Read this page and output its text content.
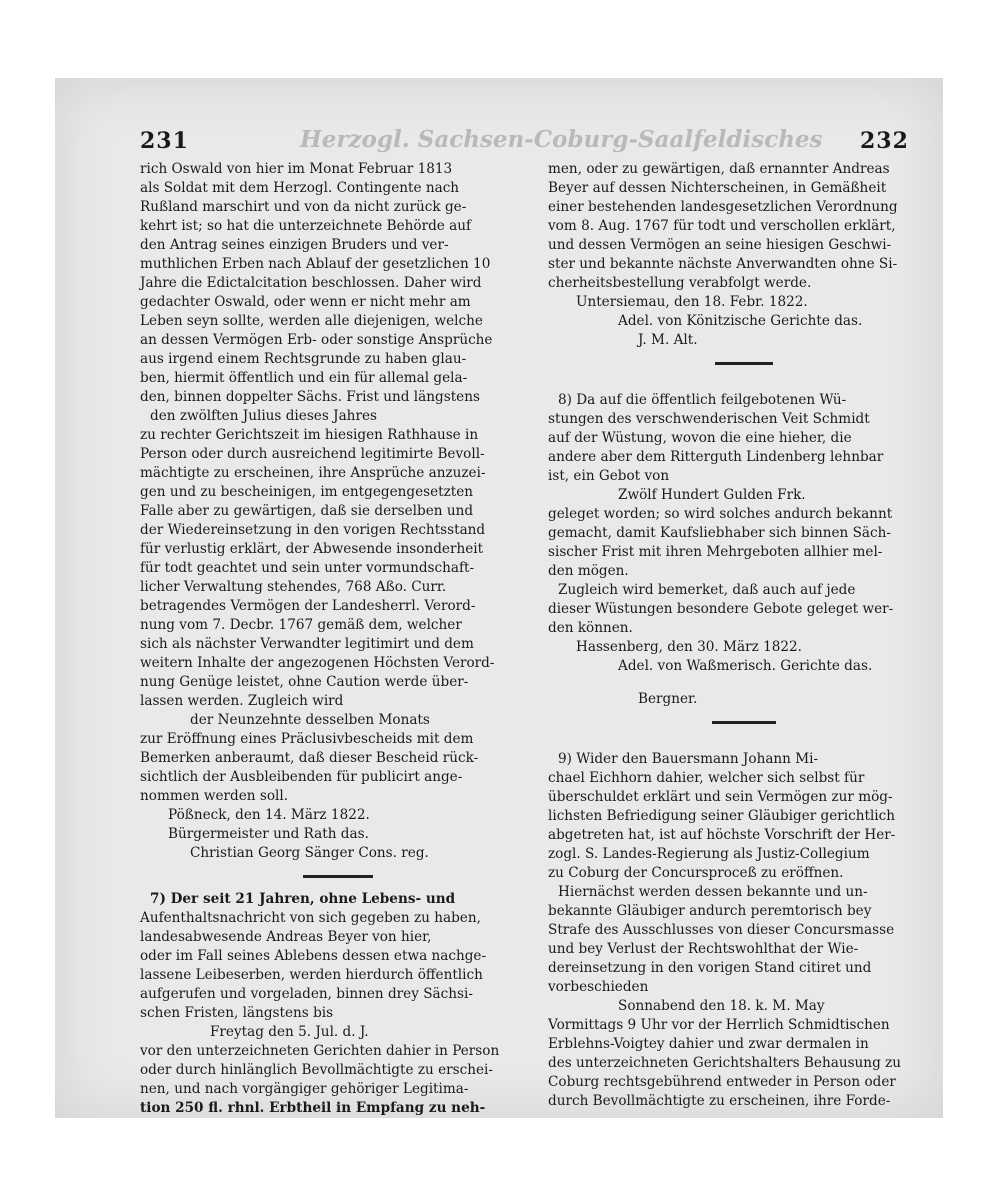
231	Herzogl. Sachsen-Coburg-Saalfeldisches 232

rich Oswald von hier im Monat Februar 1813

als Soldat mit dem Herzogl. Contingente nach

Rußland marschirt und von da nicht zurück ge-

kehrt ist; so hat die unterzeichnete Behörde auf

den Antrag seines einzigen Bruders und ver-

muthlichen Erben nach Ablauf der gesetzlichen 10

Jahre die Edictalcitation beschlossen. Daher wird

gedachter Oswald, oder wenn er nicht mehr am

Leben seyn sollte, werden alle diejenigen, welche

an dessen Vermögen Erb- oder sonstige Ansprüche

aus irgend einem Rechtsgrunde zu haben glau-

ben, hiermit öffentlich und ein für allemal gela-

den, binnen doppelter Sächs. Frist und längstens

den zwölften Julius dieses Jahres

zu rechter Gerichtszeit im hiesigen Rathhause in

Person oder durch ausreichend legitimirte Bevoll-

mächtigte zu erscheinen, ihre Ansprüche anzuzei-

gen und zu bescheinigen, im entgegengesetzten

Falle aber zu gewärtigen, daß sie derselben und

der Wiedereinsetzung in den vorigen Rechtsstand

für verlustig erklärt, der Abwesende insonderheit

für todt geachtet und sein unter vormundschaft-

licher Verwaltung stehendes, 768 Aßo. Curr.

betragendes Vermögen der Landesherrl. Verord-

nung vom 7. Decbr. 1767 gemäß dem, welcher

sich als nächster Verwandter legitimirt und dem

weitern Inhalte der angezogenen Höchsten Verord-

nung Genüge leistet, ohne Caution werde über-

lassen werden. Zugleich wird

der Neunzehnte desselben Monats

zur Eröffnung eines Präclusivbescheids mit dem

Bemerken anberaumt, daß dieser Bescheid rück-

sichtlich der Ausbleibenden für publicirt ange-

nommen werden soll.

Pößneck, den 14. März 1822.

Bürgermeister und Rath das.

Christian Georg Sänger Cons. reg.

7) Der seit 21 Jahren, ohne Lebens- und

Aufenthaltsnachricht von sich gegeben zu haben,

landesabwesende Andreas Beyer von hier,

oder im Fall seines Ablebens dessen etwa nachge-

lassene Leibeserben, werden hierdurch öffentlich

aufgerufen und vorgeladen, binnen drey Sächsi-

schen Fristen, längstens bis

Freytag den 5. Jul. d. J.

vor den unterzeichneten Gerichten dahier in Person

oder durch hinlänglich Bevollmächtigte zu erschei-

nen, und nach vorgängiger gehöriger Legitima-

tion 250 fl. rhnl. Erbtheil in Empfang zu neh-

men, oder zu gewärtigen, daß ernannter Andreas

Beyer auf dessen Nichterscheinen, in Gemäßheit

einer bestehenden landesgesetzlichen Verordnung

vom 8. Aug. 1767 für todt und verschollen erklärt,

und dessen Vermögen an seine hiesigen Geschwi-

ster und bekannte nächste Anverwandten ohne Si-

cherheitsbestellung verabfolgt werde.

Untersiemau, den 18. Febr. 1822.

Adel. von Könitzische Gerichte das.

J. M. Alt.

8) Da auf die öffentlich feilgebotenen Wü-

stungen des verschwenderischen Veit Schmidt

auf der Wüstung, wovon die eine hieher, die

andere aber dem Ritterguth Lindenberg lehnbar

ist, ein Gebot von

Zwölf Hundert Gulden Frk.

geleget worden; so wird solches andurch bekannt

gemacht, damit Kaufsliebhaber sich binnen Säch-

sischer Frist mit ihren Mehrgeboten allhier mel-

den mögen.

Zugleich wird bemerket, daß auch auf jede

dieser Wüstungen besondere Gebote geleget wer-

den können.

Hassenberg, den 30. März 1822.

Adel. von Waßmerisch. Gerichte das.

Bergner.

9) Wider den Bauersmann Johann Mi-

chael Eichhorn dahier, welcher sich selbst für

überschuldet erklärt und sein Vermögen zur mög-

lichsten Befriedigung seiner Gläubiger gerichtlich

abgetreten hat, ist auf höchste Vorschrift der Her-

zogl. S. Landes-Regierung als Justiz-Collegium

zu Coburg der Concursproceß zu eröffnen.

Hiernächst werden dessen bekannte und un-

bekannte Gläubiger andurch peremtorisch bey

Strafe des Ausschlusses von dieser Concursmasse

und bey Verlust der Rechtswohlthat der Wie-

dereinsetzung in den vorigen Stand citiret und

vorbeschieden

Sonnabend den 18. k. M. May

Vormittags 9 Uhr vor der Herrlich Schmidtischen

Erblehns-Voigtey dahier und zwar dermalen in

des unterzeichneten Gerichtshalters Behausung zu

Coburg rechtsgebührend entweder in Person oder

durch Bevollmächtigte zu erscheinen, ihre Forde-
